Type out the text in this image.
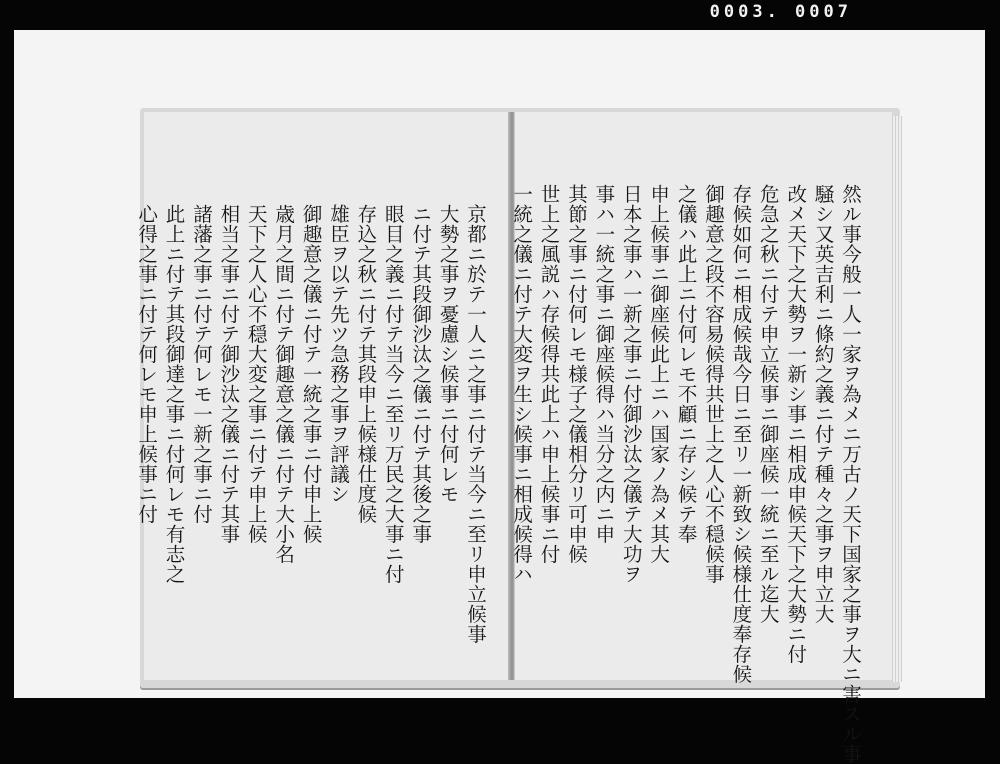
0003. 0007
京都ニ於テ一人ニ之事ニ付テ当今ニ至リ申立候事
大勢之事ヲ憂慮シ候事ニ付何レモ
ニ付テ其段御沙汰之儀ニ付テ其後之事
眼目之義ニ付テ当今ニ至リ万民之大事ニ付
存込之秋ニ付テ其段申上候様仕度候
雄臣ヲ以テ先ツ急務之事ヲ評議シ
御趣意之儀ニ付テ一統之事ニ付申上候
歳月之間ニ付テ御趣意之儀ニ付テ大小名
天下之人心不穏大変之事ニ付テ申上候
相当之事ニ付テ御沙汰之儀ニ付テ其事
諸藩之事ニ付テ何レモ一新之事ニ付
此上ニ付テ其段御達之事ニ付何レモ有志之
心得之事ニ付テ何レモ申上候事ニ付	然ル事今般一人一家ヲ為メニ万古ノ天下国家之事ヲ大ニ害スル事
騒シ又英吉利ニ條約之義ニ付テ種々之事ヲ申立大
改メ天下之大勢ヲ一新シ事ニ相成申候天下之大勢ニ付
危急之秋ニ付テ申立候事ニ御座候一統ニ至ル迄大
存候如何ニ相成候哉今日ニ至リ一新致シ候様仕度奉存候
御趣意之段不容易候得共世上之人心不穏候事
之儀ハ此上ニ付何レモ不顧ニ存シ候テ奉
申上候事ニ御座候此上ニハ国家ノ為メ其大
日本之事ハ一新之事ニ付御沙汰之儀テ大功ヲ
事ハ一統之事ニ御座候得ハ当分之内ニ申
其節之事ニ付何レモ様子之儀相分リ可申候
世上之風説ハ存候得共此上ハ申上候事ニ付
一統之儀ニ付テ大変ヲ生シ候事ニ相成候得ハ
